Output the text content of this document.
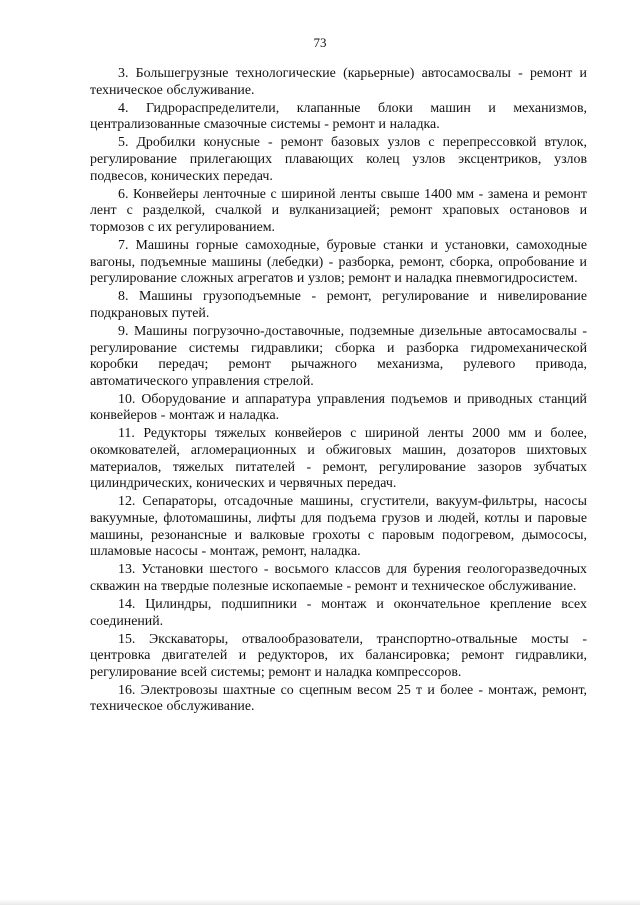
73

3. Большегрузные технологические (карьерные) автосамосвалы - ремонт и техническое обслуживание.

4. Гидрораспределители, клапанные блоки машин и механизмов, централизованные смазочные системы - ремонт и наладка.

5. Дробилки конусные - ремонт базовых узлов с перепрессовкой втулок, регулирование прилегающих плавающих колец узлов эксцентриков, узлов подвесов, конических передач.

6. Конвейеры ленточные с шириной ленты свыше 1400 мм - замена и ремонт лент с разделкой, счалкой и вулканизацией; ремонт храповых остановов и тормозов с их регулированием.

7. Машины горные самоходные, буровые станки и установки, самоходные вагоны, подъемные машины (лебедки) - разборка, ремонт, сборка, опробование и регулирование сложных агрегатов и узлов; ремонт и наладка пневмогидросистем.

8. Машины грузоподъемные - ремонт, регулирование и нивелирование подкрановых путей.

9. Машины погрузочно-доставочные, подземные дизельные автосамосвалы - регулирование системы гидравлики; сборка и разборка гидромеханической коробки передач; ремонт рычажного механизма, рулевого привода, автоматического управления стрелой.

10. Оборудование и аппаратура управления подъемов и приводных станций конвейеров - монтаж и наладка.

11. Редукторы тяжелых конвейеров с шириной ленты 2000 мм и более, окомкователей, агломерационных и обжиговых машин, дозаторов шихтовых материалов, тяжелых питателей - ремонт, регулирование зазоров зубчатых цилиндрических, конических и червячных передач.

12. Сепараторы, отсадочные машины, сгустители, вакуум-фильтры, насосы вакуумные, флотомашины, лифты для подъема грузов и людей, котлы и паровые машины, резонансные и валковые грохоты с паровым подогревом, дымососы, шламовые насосы - монтаж, ремонт, наладка.

13. Установки шестого - восьмого классов для бурения геологоразведочных скважин на твердые полезные ископаемые - ремонт и техническое обслуживание.

14. Цилиндры, подшипники - монтаж и окончательное крепление всех соединений.

15. Экскаваторы, отвалообразователи, транспортно-отвальные мосты - центровка двигателей и редукторов, их балансировка; ремонт гидравлики, регулирование всей системы; ремонт и наладка компрессоров.

16. Электровозы шахтные со сцепным весом 25 т и более - монтаж, ремонт, техническое обслуживание.
